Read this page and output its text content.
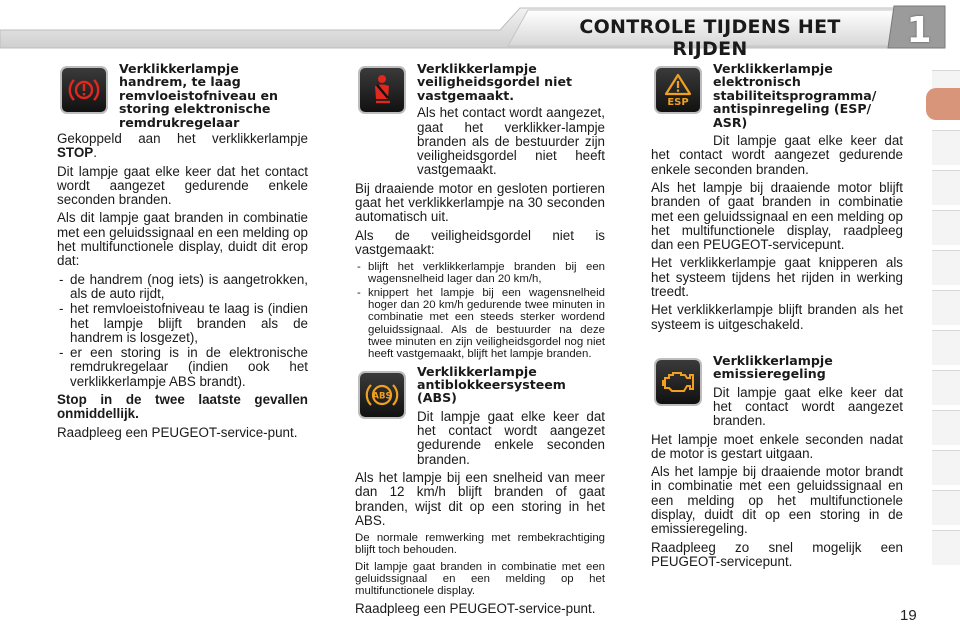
CONTROLE TIJDENS HET RIJDEN	1
Verklikkerlampje handrem, te laag remvloeistofniveau en storing elektronische remdrukregelaar

Gekoppeld aan het verklikkerlampje STOP.

Dit lampje gaat elke keer dat het contact wordt aangezet gedurende enkele seconden branden.

Als dit lampje gaat branden in combinatie met een geluidssignaal en een melding op het multifunctionele display, duidt dit erop dat:

- de handrem (nog iets) is aangetrokken, als de auto rijdt,
- het remvloeistofniveau te laag is (indien het lampje blijft branden als de handrem is losgezet),
- er een storing is in de elektronische remdrukregelaar (indien ook het verklikkerlampje ABS brandt).

Stop in de twee laatste gevallen onmiddellijk.

Raadpleeg een PEUGEOT-service-punt.

Verklikkerlampje veiligheidsgordel niet vastgemaakt.

Als het contact wordt aangezet, gaat het verklikker-lampje branden als de bestuurder zijn veiligheidsgordel niet heeft vastgemaakt.

Bij draaiende motor en gesloten portieren gaat het verklikkerlampje na 30 seconden automatisch uit.

Als de veiligheidsgordel niet is vastgemaakt:

- blijft het verklikkerlampje branden bij een wagensnelheid lager dan 20 km/h,
- knippert het lampje bij een wagensnelheid hoger dan 20 km/h gedurende twee minuten in combinatie met een steeds sterker wordend geluidssignaal. Als de bestuurder na deze twee minuten en zijn veiligheidsgordel nog niet heeft vastgemaakt, blijft het lampje branden.
ABS
Verklikkerlampje antiblokkeersysteem (ABS)

Dit lampje gaat elke keer dat het contact wordt aangezet gedurende enkele seconden branden.

Als het lampje bij een snelheid van meer dan 12 km/h blijft branden of gaat branden, wijst dit op een storing in het ABS.

De normale remwerking met rembekrachtiging blijft toch behouden.

Dit lampje gaat branden in combinatie met een geluidssignaal en een melding op het multifunctionele display.

Raadpleeg een PEUGEOT-service-punt.

ESP
Verklikkerlampje elektronisch stabiliteitsprogramma/ antispinregeling (ESP/ ASR)

Dit lampje gaat elke keer dat het contact wordt aangezet gedurende enkele seconden branden.

Als het lampje bij draaiende motor blijft branden of gaat branden in combinatie met een geluidssignaal en een melding op het multifunctionele display, raadpleeg dan een PEUGEOT-servicepunt.

Het verklikkerlampje gaat knipperen als het systeem tijdens het rijden in werking treedt.

Het verklikkerlampje blijft branden als het systeem is uitgeschakeld.

Verklikkerlampje emissieregeling

Dit lampje gaat elke keer dat het contact wordt aangezet branden.

Het lampje moet enkele seconden nadat de motor is gestart uitgaan.

Als het lampje bij draaiende motor brandt in combinatie met een geluidssignaal en een melding op het multifunctionele display, duidt dit op een storing in de emissieregeling.

Raadpleeg zo snel mogelijk een PEUGEOT-servicepunt.

19
